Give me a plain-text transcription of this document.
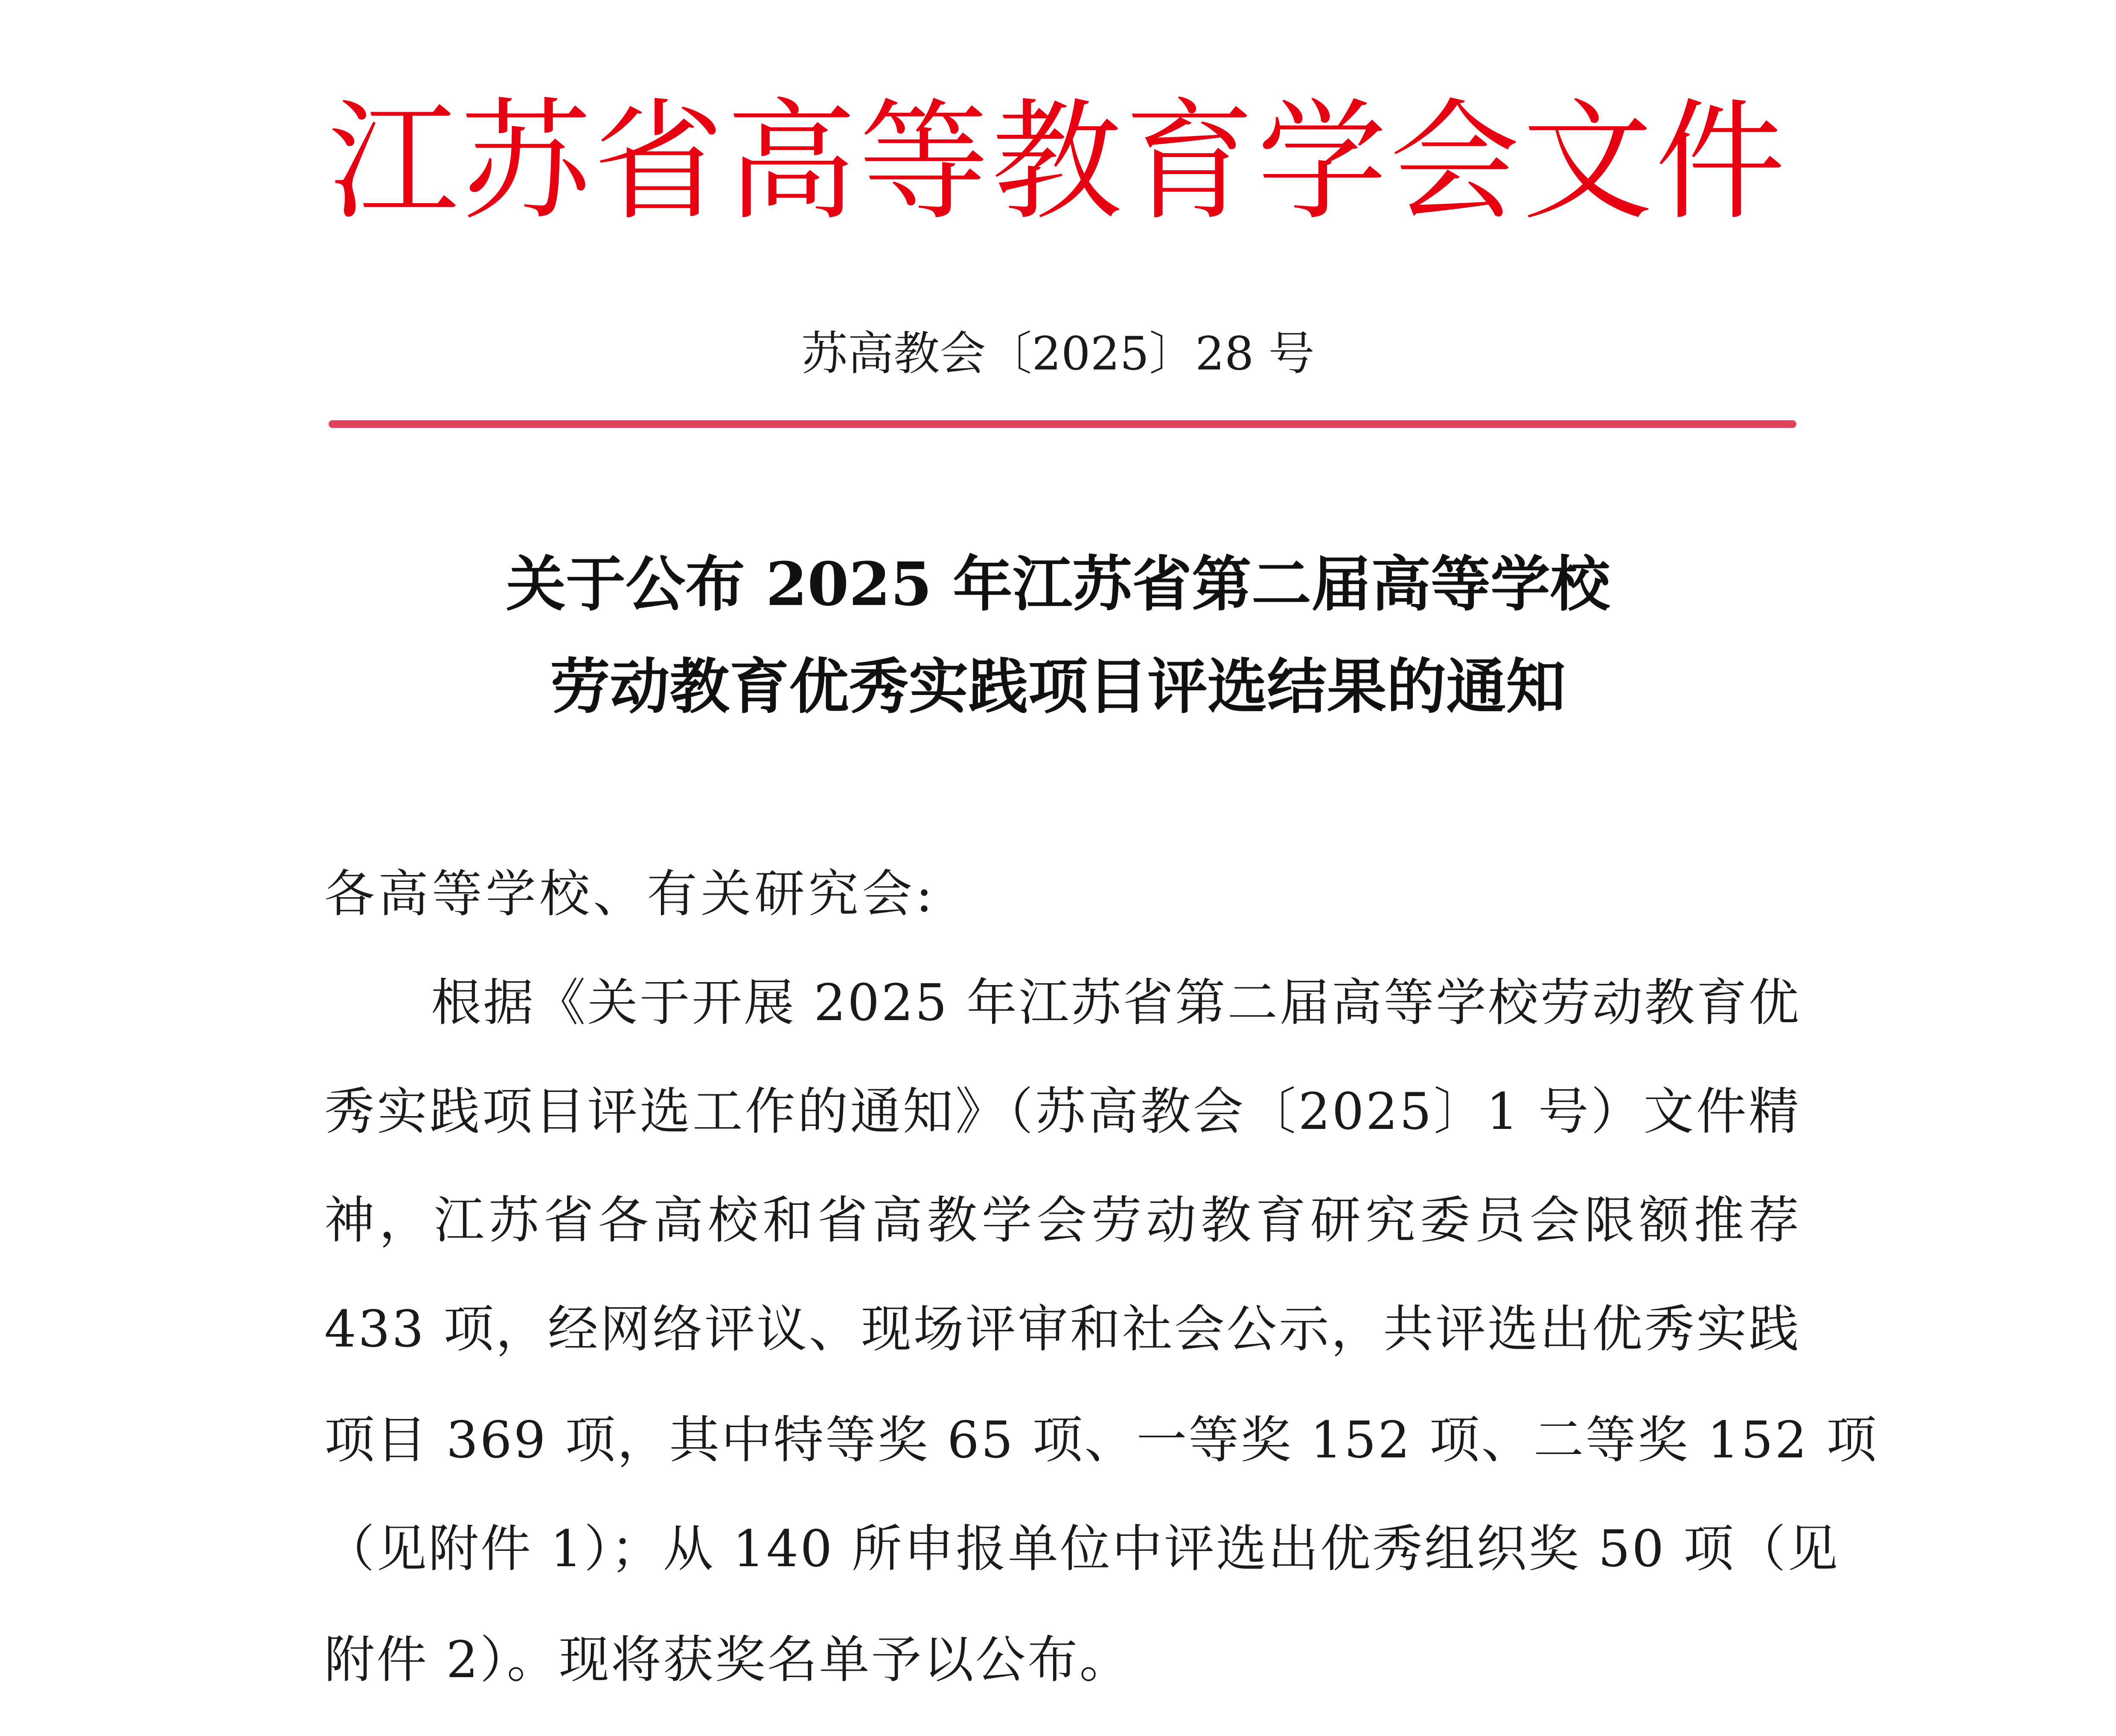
江苏省高等教育学会文件
苏高教会〔2025〕28 号
关于公布 2025 年江苏省第二届高等学校
劳动教育优秀实践项目评选结果的通知
各高等学校、有关研究会:
根据《关于开展 2025 年江苏省第二届高等学校劳动教育优
秀实践项目评选工作的通知》（苏高教会〔2025〕1 号）文件精
神，江苏省各高校和省高教学会劳动教育研究委员会限额推荐
433 项，经网络评议、现场评审和社会公示，共评选出优秀实践
项目 369 项，其中特等奖 65 项、一等奖 152 项、二等奖 152 项
（见附件 1）；从 140 所申报单位中评选出优秀组织奖 50 项（见
附件 2）。现将获奖名单予以公布。
